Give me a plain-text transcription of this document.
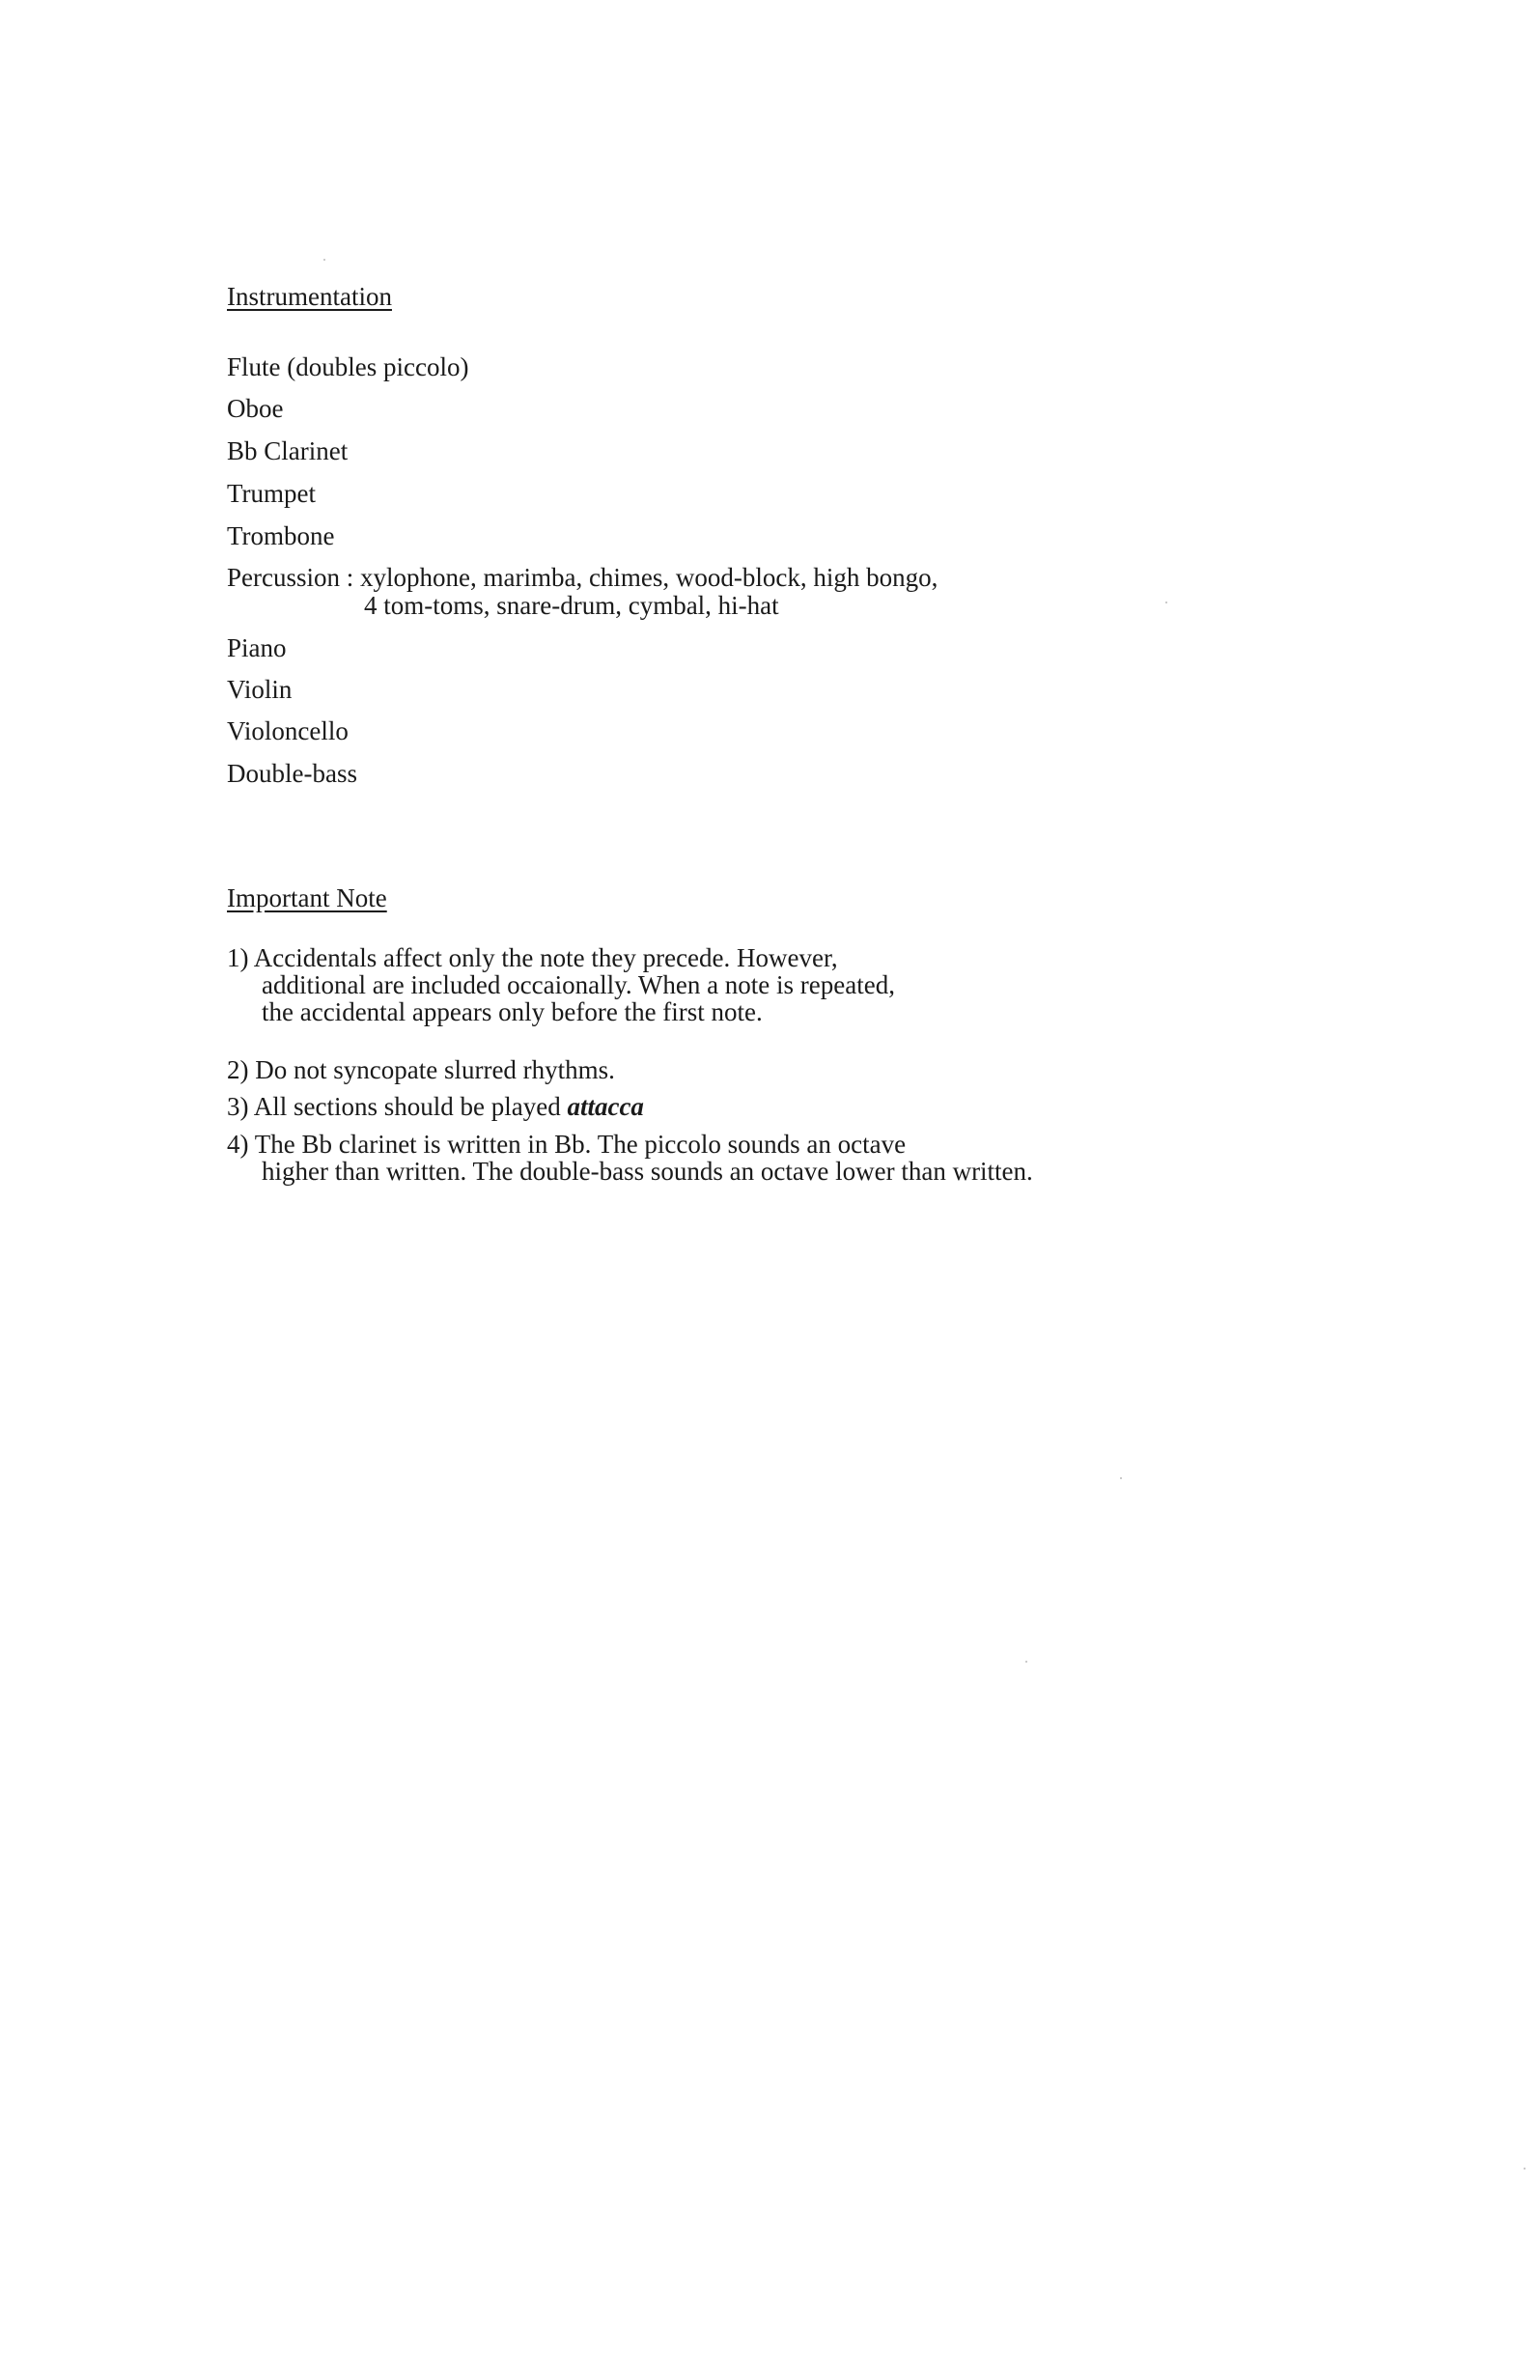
Instrumentation
Flute (doubles piccolo)
Oboe
Bb Clarinet
Trumpet
Trombone
Percussion : xylophone, marimba, chimes, wood-block, high bongo,
4 tom-toms, snare-drum, cymbal, hi-hat
Piano
Violin
Violoncello
Double-bass
Important Note
1) Accidentals affect only the note they precede. However,
additional are included occaionally. When a note is repeated,
the accidental appears only before the first note.
2) Do not syncopate slurred rhythms.
3) All sections should be played attacca
4) The Bb clarinet is written in Bb. The piccolo sounds an octave
higher than written. The double-bass sounds an octave lower than written.
